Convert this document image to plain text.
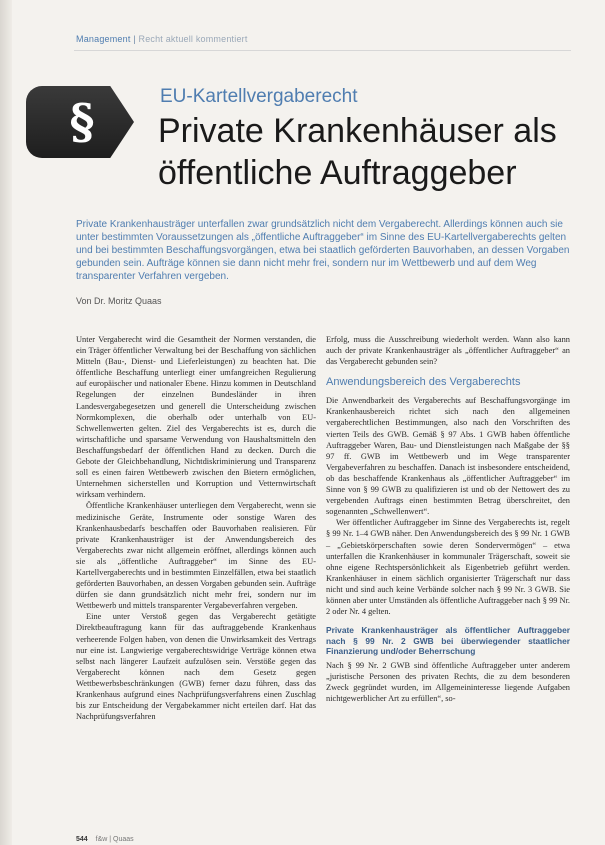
Management | Recht aktuell kommentiert
§	EU-Kartellvergaberecht
Private Krankenhäuser als öffentliche Auftraggeber
Private Krankenhausträger unterfallen zwar grundsätzlich nicht dem Vergaberecht. Allerdings können auch sie unter bestimmten Voraussetzungen als „öffentliche Auftraggeber“ im Sinne des EU-Kartellvergaberechts gelten und bei bestimmten Beschaffungsvorgängen, etwa bei staatlich geförderten Bauvorhaben, an dessen Vorgaben gebunden sein. Aufträge können sie dann nicht mehr frei, sondern nur im Wettbewerb und auf dem Weg transparenter Verfahren vergeben.
Von Dr. Moritz Quaas

Unter Vergaberecht wird die Gesamtheit der Normen verstanden, die ein Träger öffentlicher Verwaltung bei der Beschaffung von sächlichen Mitteln (Bau-, Dienst- und Lieferleistungen) zu beachten hat. Die öffentliche Beschaffung unterliegt einer umfangreichen Regulierung auf europäischer und nationaler Ebene. Hinzu kommen in Deutschland Regelungen der einzelnen Bundesländer in ihren Landesvergabegesetzen und generell die Unterscheidung zwischen Normkomplexen, die oberhalb oder unterhalb von EU-Schwellenwerten gelten. Ziel des Vergaberechts ist es, durch die wirtschaftliche und sparsame Verwendung von Haushaltsmitteln den Beschaffungsbedarf der öffentlichen Hand zu decken. Durch die Gebote der Gleichbehandlung, Nichtdiskriminierung und Transparenz soll es einen fairen Wettbewerb zwischen den Bietern ermöglichen, Unternehmen sicherstellen und Korruption und Vetternwirtschaft wirksam verhindern.

Öffentliche Krankenhäuser unterliegen dem Vergaberecht, wenn sie medizinische Geräte, Instrumente oder sonstige Waren des Krankenhausbedarfs beschaffen oder Bauvorhaben realisieren. Für private Krankenhausträger ist der Anwendungsbereich des Vergaberechts zwar nicht allgemein eröffnet, allerdings können auch sie als „öffentliche Auftraggeber“ im Sinne des EU-Kartellvergaberechts und in bestimmten Einzelfällen, etwa bei staatlich geförderten Bauvorhaben, an dessen Vorgaben gebunden sein. Aufträge dürfen sie dann grundsätzlich nicht mehr frei, sondern nur im Wettbewerb und mittels transparenter Vergabeverfahren vergeben.

Eine unter Verstoß gegen das Vergaberecht getätigte Direktbeauftragung kann für das auftraggebende Krankenhaus verheerende Folgen haben, von denen die Unwirksamkeit des Vertrags nur eine ist. Langwierige vergaberechtswidrige Verträge können etwa selbst nach längerer Laufzeit aufzulösen sein. Verstöße gegen das Vergaberecht können nach dem Gesetz gegen Wettbewerbsbeschränkungen (GWB) ferner dazu führen, dass das Krankenhaus aufgrund eines Nachprüfungsverfahrens einen Zuschlag bis zur Entscheidung der Vergabekammer nicht erteilen darf. Hat das Nachprüfungsverfahren

Erfolg, muss die Ausschreibung wiederholt werden. Wann also kann auch der private Krankenhausträger als „öffentlicher Auftraggeber“ an das Vergaberecht gebunden sein?

Anwendungsbereich des Vergaberechts

Die Anwendbarkeit des Vergaberechts auf Beschaffungsvorgänge im Krankenhausbereich richtet sich nach den allgemeinen vergaberechtlichen Bestimmungen, also nach den Vorschriften des vierten Teils des GWB. Gemäß § 97 Abs. 1 GWB haben öffentliche Auftraggeber Waren, Bau- und Dienstleistungen nach Maßgabe der §§ 97 ff. GWB im Wettbewerb und im Wege transparenter Vergabeverfahren zu beschaffen. Danach ist insbesondere entscheidend, ob das beschaffende Krankenhaus als „öffentlicher Auftraggeber“ im Sinne von § 99 GWB zu qualifizieren ist und ob der Nettowert des zu vergebenden Auftrags einen bestimmten Betrag überschreitet, den sogenannten „Schwellenwert“.

Wer öffentlicher Auftraggeber im Sinne des Vergaberechts ist, regelt § 99 Nr. 1–4 GWB näher. Den Anwendungsbereich des § 99 Nr. 1 GWB – „Gebietskörperschaften sowie deren Sondervermögen“ – etwa unterfallen die Krankenhäuser in kommunaler Trägerschaft, soweit sie ohne eigene Rechtspersönlichkeit als Eigenbetrieb geführt werden. Krankenhäuser in einem sächlich organisierter Trägerschaft nur dass nicht und sind auch keine Verbände solcher nach § 99 Nr. 3 GWB. Sie können aber unter Umständen als öffentliche Auftraggeber nach § 99 Nr. 2 oder Nr. 4 gelten.

Private Krankenhausträger als öffentlicher Auftraggeber nach § 99 Nr. 2 GWB bei überwiegender staatlicher Finanzierung und/oder Beherrschung

Nach § 99 Nr. 2 GWB sind öffentliche Auftraggeber unter anderem „juristische Personen des privaten Rechts, die zu dem besonderen Zweck gegründet wurden, im Allgemeininteresse liegende Aufgaben nichtgewerblicher Art zu erfüllen“, so-

544 f&w | Quaas
